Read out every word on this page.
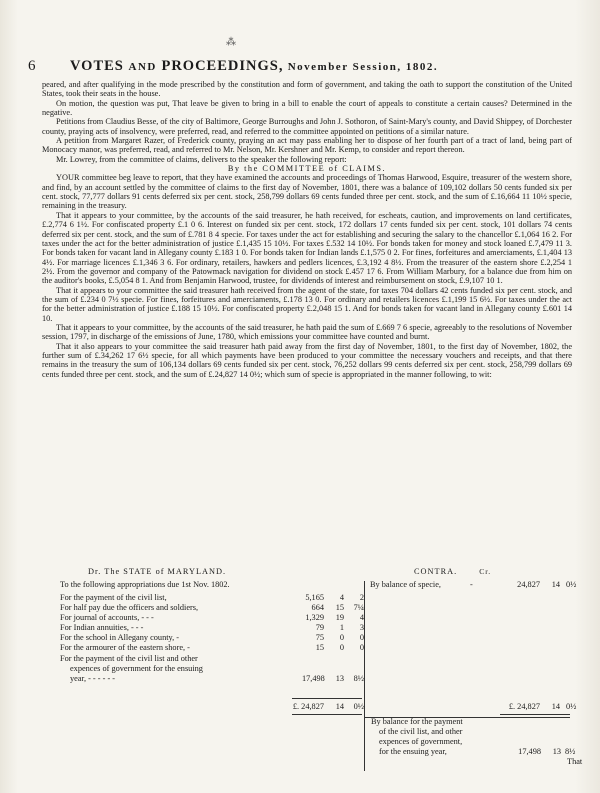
⁂
6 VOTES AND PROCEEDINGS, November Session, 1802.

peared, and after qualifying in the mode prescribed by the constitution and form of government, and taking the oath to support the constitution of the United States, took their seats in the house.

On motion, the question was put, That leave be given to bring in a bill to enable the court of appeals to constitute a certain causes? Determined in the negative.

Petitions from Claudius Besse, of the city of Baltimore, George Burroughs and John J. Sothoron, of Saint-Mary's county, and David Shippey, of Dorchester county, praying acts of insolvency, were preferred, read, and referred to the committee appointed on petitions of a similar nature.

A petition from Margaret Razer, of Frederick county, praying an act may pass enabling her to dispose of her fourth part of a tract of land, being part of Monocacy manor, was preferred, read, and referred to Mr. Nelson, Mr. Kershner and Mr. Kemp, to consider and report thereon.

Mr. Lowrey, from the committee of claims, delivers to the speaker the following report:

By the COMMITTEE of CLAIMS.

YOUR committee beg leave to report, that they have examined the accounts and proceedings of Thomas Harwood, Esquire, treasurer of the western shore, and find, by an account settled by the committee of claims to the first day of November, 1801, there was a balance of 109,102 dollars 50 cents funded six per cent. stock, 77,777 dollars 91 cents deferred six per cent. stock, 258,799 dollars 69 cents funded three per cent. stock, and the sum of £.16,664 11 10½ specie, remaining in the treasury.

That it appears to your committee, by the accounts of the said treasurer, he hath received, for escheats, caution, and improvements on land certificates, £.2,774 6 1½. For confiscated property £.1 0 6. Interest on funded six per cent. stock, 172 dollars 17 cents funded six per cent. stock, 101 dollars 74 cents deferred six per cent. stock, and the sum of £.781 8 4 specie. For taxes under the act for establishing and securing the salary to the chancellor £.1,064 16 2. For taxes under the act for the better administration of justice £.1,435 15 10½. For taxes £.532 14 10½. For bonds taken for money and stock loaned £.7,479 11 3. For bonds taken for vacant land in Allegany county £.183 1 0. For bonds taken for Indian lands £.1,575 0 2. For fines, forfeitures and amerciaments, £.1,404 13 4½. For marriage licences £.1,346 3 6. For ordinary, retailers, hawkers and pedlers licences, £.3,192 4 8½. From the treasurer of the eastern shore £.2,254 1 2½. From the governor and company of the Patowmack navigation for dividend on stock £.457 17 6. From William Marbury, for a balance due from him on the auditor's books, £.5,054 8 1. And from Benjamin Harwood, trustee, for dividends of interest and reimbursement on stock, £.9,107 10 1.

That it appears to your committee the said treasurer hath received from the agent of the state, for taxes 704 dollars 42 cents funded six per cent. stock, and the sum of £.234 0 7½ specie. For fines, forfeitures and amerciaments, £.178 13 0. For ordinary and retailers licences £.1,199 15 6½. For taxes under the act for the better administration of justice £.188 15 10½. For confiscated property £.2,048 15 1. And for bonds taken for vacant land in Allegany county £.601 14 10.

That it appears to your committee, by the accounts of the said treasurer, he hath paid the sum of £.669 7 6 specie, agreeably to the resolutions of November session, 1797, in discharge of the emissions of June, 1780, which emissions your committee have counted and burnt.

That it also appears to your committee the said treasurer hath paid away from the first day of November, 1801, to the first day of November, 1802, the further sum of £.34,262 17 6½ specie, for all which payments have been produced to your committee the necessary vouchers and receipts, and that there remains in the treasury the sum of 106,134 dollars 69 cents funded six per cent. stock, 76,252 dollars 99 cents deferred six per cent. stock, 258,799 dollars 69 cents funded three per cent. stock, and the sum of £.24,827 14 0½; which sum of specie is appropriated in the manner following, to wit:

Dr. The STATE of MARYLAND.	CONTRA.	Cr.
To the following appropriations due 1st Nov. 1802.	By balance of specie,	-	24,827	14 0½
For the payment of the civil list,	5,165	4	2
For half pay due the officers and soldiers,	664	15	7¼
For journal of accounts, - - -	1,329	19	4
For Indian annuities, - - -	79	1	3
For the school in Allegany county, -	75	0	0
For the armourer of the eastern shore, -	15	0	0
For the payment of the civil list and other
expences of government for the ensuing
year, - - - - - -	17,498	13	8½
£. 24,827	14	0½	£. 24,827	14 0½
By balance for the payment
of the civil list, and other
expences of government,
for the ensuing year,	17,498	13 8½
That
